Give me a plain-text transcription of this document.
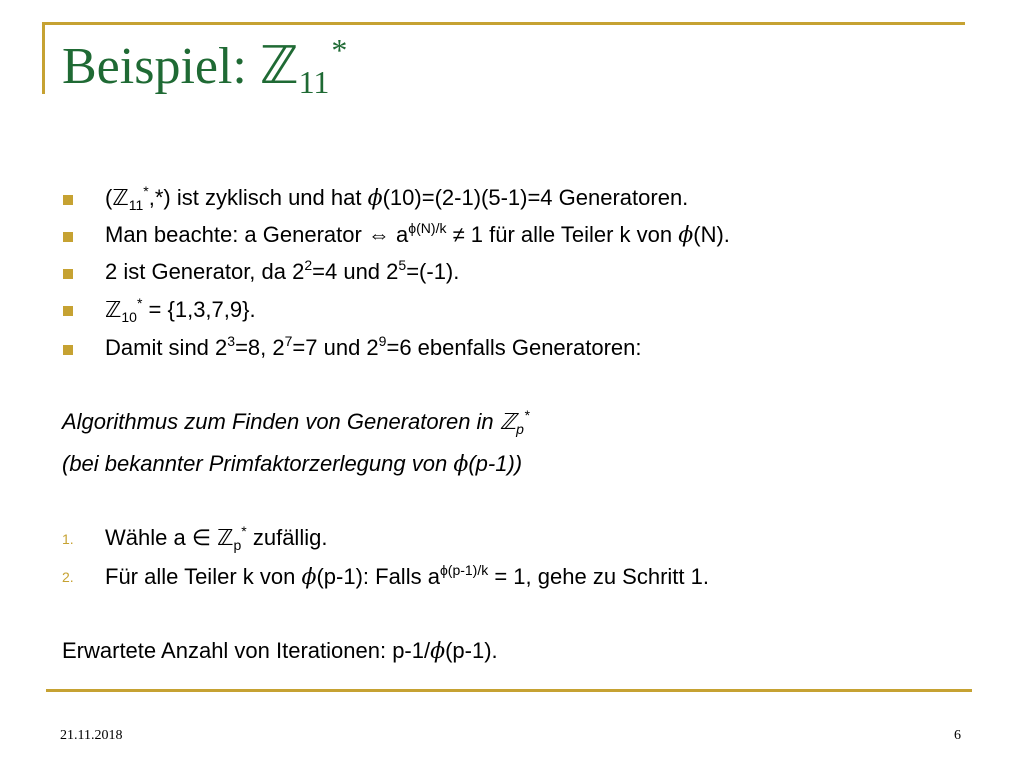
Beispiel: ℤ$_{11}$*
(ℤ$_{11}$*,*) ist zyklisch und hat ϕ(10)=(2-1)(5-1)=4 Generatoren.
Man beachte: a Generator ⇔ $a^{\phi(N)/k} \ne 1$ für alle Teiler k von ϕ(N).
2 ist Generator, da $2^2=4$ und $2^5=(-1)$.
ℤ$_{10}$* = {1,3,7,9}.
Damit sind $2^3=8$, $2^7=7$ und $2^9=6$ ebenfalls Generatoren:
Algorithmus zum Finden von Generatoren in ℤ$_p$*
(bei bekannter Primfaktorzerlegung von ϕ(p-1))
1. Wähle a ∈ ℤ$_p$* zufällig.
2. Für alle Teiler k von ϕ(p-1): Falls $a^{\phi(p-1)/k} = 1$, gehe zu Schritt 1.
Erwartete Anzahl von Iterationen: p-1/ϕ(p-1).
21.11.2018	6
